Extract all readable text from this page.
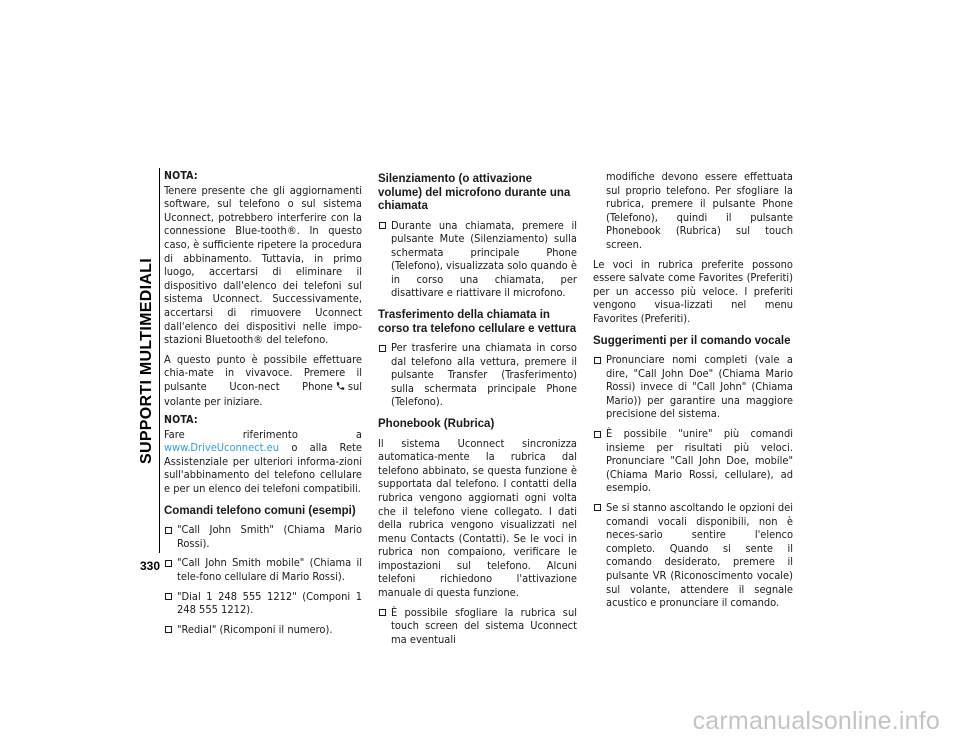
SUPPORTI MULTIMEDIALI
330

NOTA:

Tenere presente che gli aggiornamenti software, sul telefono o sul sistema Uconnect, potrebbero interferire con la connessione Blue-tooth®. In questo caso, è sufficiente ripetere la procedura di abbinamento. Tuttavia, in primo luogo, accertarsi di eliminare il dispositivo dall'elenco dei telefoni sul sistema Uconnect. Successivamente, accertarsi di rimuovere Uconnect dall'elenco dei dispositivi nelle impo-stazioni Bluetooth® del telefono.

A questo punto è possibile effettuare chia-mate in vivavoce. Premere il pulsante Ucon-nect Phone sul volante per iniziare.

NOTA:

Fare riferimento a www.DriveUconnect.eu o alla Rete Assistenziale per ulteriori informa-zioni sull'abbinamento del telefono cellulare e per un elenco dei telefoni compatibili.

Comandi telefono comuni (esempi)
"Call John Smith" (Chiama Mario Rossi).
"Call John Smith mobile" (Chiama il tele-fono cellulare di Mario Rossi).
"Dial 1 248 555 1212" (Componi 1 248 555 1212).
"Redial" (Ricomponi il numero).
Silenziamento (o attivazione volume) del microfono durante una chiamata
Durante una chiamata, premere il pulsante Mute (Silenziamento) sulla schermata principale Phone (Telefono), visualizzata solo quando è in corso una chiamata, per disattivare e riattivare il microfono.
Trasferimento della chiamata in corso tra telefono cellulare e vettura
Per trasferire una chiamata in corso dal telefono alla vettura, premere il pulsante Transfer (Trasferimento) sulla schermata principale Phone (Telefono).
Phonebook (Rubrica)

Il sistema Uconnect sincronizza automatica-mente la rubrica dal telefono abbinato, se questa funzione è supportata dal telefono. I contatti della rubrica vengono aggiornati ogni volta che il telefono viene collegato. I dati della rubrica vengono visualizzati nel menu Contacts (Contatti). Se le voci in rubrica non compaiono, verificare le impostazioni sul telefono. Alcuni telefoni richiedono l'attivazione manuale di questa funzione.

È possibile sfogliare la rubrica sul touch screen del sistema Uconnect ma eventuali

modifiche devono essere effettuata sul proprio telefono. Per sfogliare la rubrica, premere il pulsante Phone (Telefono), quindi il pulsante Phonebook (Rubrica) sul touch screen.

Le voci in rubrica preferite possono essere salvate come Favorites (Preferiti) per un accesso più veloce. I preferiti vengono visua-lizzati nel menu Favorites (Preferiti).

Suggerimenti per il comando vocale
Pronunciare nomi completi (vale a dire, "Call John Doe" (Chiama Mario Rossi) invece di "Call John" (Chiama Mario)) per garantire una maggiore precisione del sistema.
È possibile "unire" più comandi insieme per risultati più veloci. Pronunciare "Call John Doe, mobile" (Chiama Mario Rossi, cellulare), ad esempio.
Se si stanno ascoltando le opzioni dei comandi vocali disponibili, non è neces-sario sentire l'elenco completo. Quando si sente il comando desiderato, premere il pulsante VR (Riconoscimento vocale) sul volante, attendere il segnale acustico e pronunciare il comando.
carmanualsonline.info
